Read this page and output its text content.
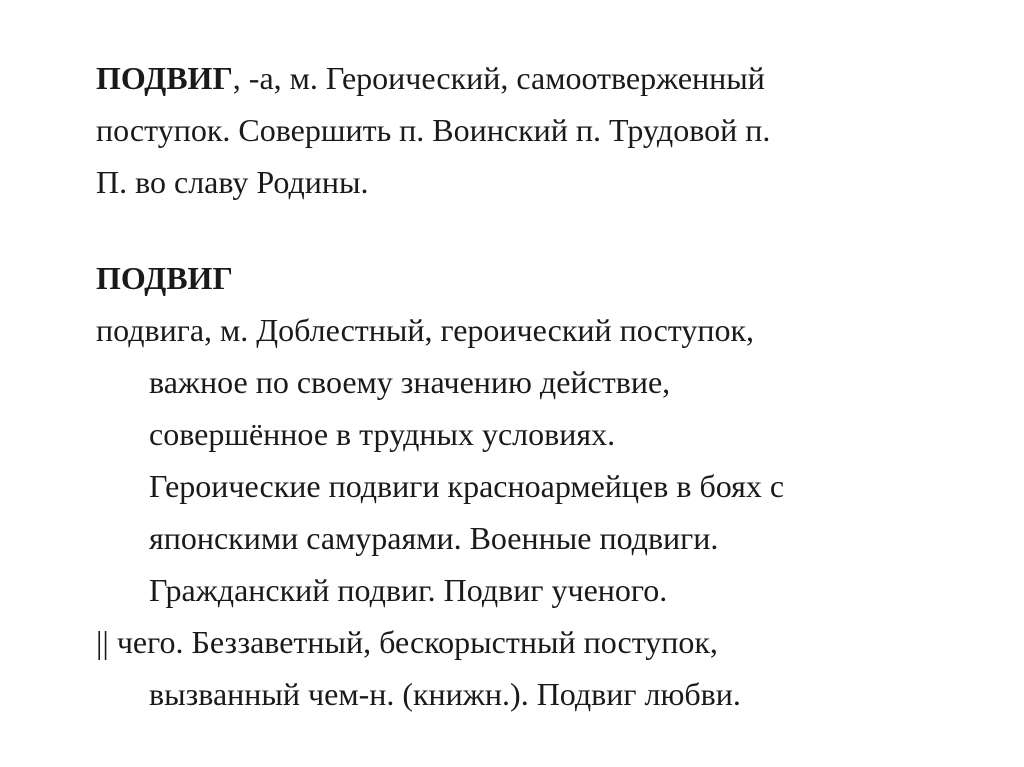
ПОДВИГ, -а, м. Героический, самоотверженный
поступок. Совершить п. Воинский п. Трудовой п.
П. во славу Родины.
ПОДВИГ
подвига, м. Доблестный, героический поступок,
важное по своему значению действие,
совершённое в трудных условиях.
Героические подвиги красноармейцев в боях с
японскими самураями. Военные подвиги.
Гражданский подвиг. Подвиг ученого.
|| чего. Беззаветный, бескорыстный поступок,
вызванный чем-н. (книжн.). Подвиг любви.
